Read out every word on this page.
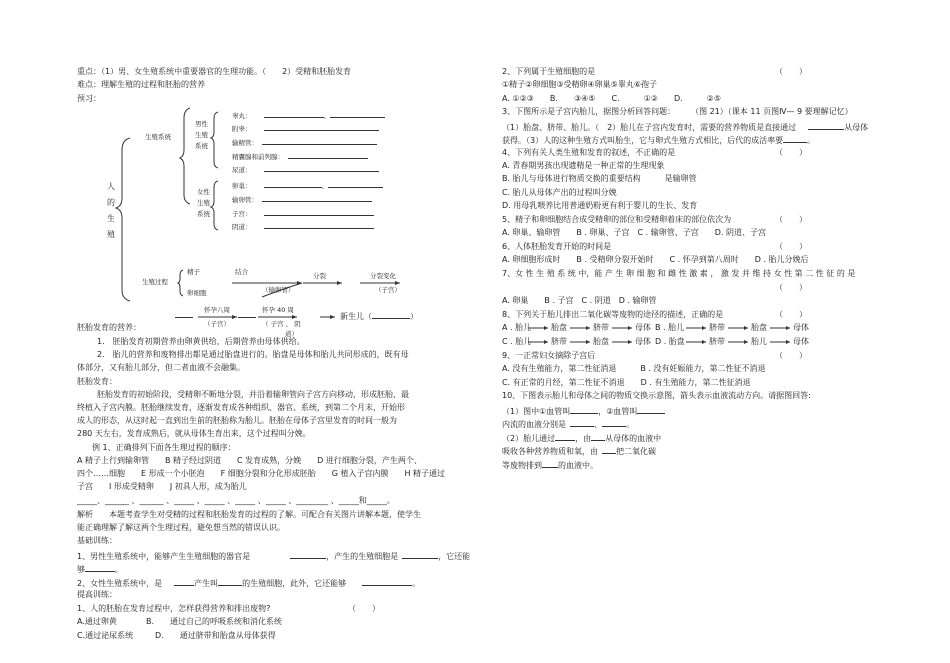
重点：（1）男、女生殖系统中重要器官的生理功能。（　　2）受精和胚胎发育
难点：理解生殖的过程和胚胎的营养
预习：
人
的
生
殖
生殖系统
男性
生殖
系统
睾丸：	、
附睾：
输精管：
精囊腺和前列腺：
尿道：
女性
生殖
系统
卵巢：	、
输卵管：
子宫：
阴道：
生殖过程
精子
卵细胞
结合
（输卵管）
分裂	分裂变化
（子宫）
怀孕八周
（子宫）
怀孕 40 周
（ 子宫 、 阴
道）
新生儿（	）
胚胎发育的营养：
1.　胚胎发育初期营养由卵黄供给，后期营养由母体供给。
2.　胎儿的营养和废物排出都是通过胎盘进行的。胎盘是母体和胎儿共同形成的，既有母
体部分，又有胎儿部分，但二者血液不会融集。
胚胎发育：
胚胎发育的初始阶段，受精卵不断地分裂，并沿着输卵管向子宫方向移动，形成胚胎，最
终植入子宫内膜。胚胎继续发育，逐渐发育成各种组织、器官、系统，到第二个月末，开始形
成人的形态，从这时起一直到出生前的胚胎称为胎儿。胚胎在母体子宫里发育的时间一般为
280 天左右，发育成熟后，就从母体生育出来，这个过程叫分娩。
例 1、正确排列下面各生理过程的顺序：
A 精子上行到输卵管　　B 精子经过阴道　　C 发育成熟，分娩　　D 进行细胞分裂，产生两个、
四个……细胞　　E 形成一个小胚泡　　F 细胞分裂和分化形成胚胎　　G 植入子宫内膜　　H 精子通过
子宫　　I 形成受精卵　　J 初具人形，成为胎儿
_____、______ 、______ 、_____ 、_____ 、_____ 、_____ 、________ 、_____和_____。
解析　　本题考查学生对受精的过程和胚胎发育的过程的了解。可配合有关图片讲解本题，使学生
能正确理解了解这两个生理过程，避免想当然的错误认识。
基础训练：
1、男性生殖系统中，能够产生生殖细胞的器官是	，产生的生殖细胞是	，它还能
够	。
2、女性生殖系统中，是	产生叫	的生殖细胞，此外，它还能够	。
提高训练：
1、人的胚胎在发育过程中，怎样获得营养和排出废物?	（　　）
A.通过卵黄	B.　　通过自己的呼吸系统和消化系统
C.通过泌尿系统	D.　　通过脐带和胎盘从母体获得
2、下列属于生殖细胞的是	（　　）
①精子②卵细胞③受精卵④卵巢⑤睾丸⑥孢子
A. ①②③　　B.　　③④⑤　　C.　　　①②　　D.　　　②⑤
3、下图所示是子宫内胎儿，据图分析回答问题：　　　（图 21）（课本 11 页图Ⅳ— 9 要理解记忆）
（1）胎盘、脐带、胎儿。（　2）胎儿在子宫内发育时，需要的营养物质是直接通过	从母体
获得。（3）人的这种生殖方式叫胎生，它与卵式生殖方式相比，后代的成活率要	。
4、下列有关人类生殖和发育的叙述，不正确的是	（　　）
A. 青春期男孩出现遗精是一种正常的生理现象
B. 胎儿与母体进行物质交换的重要结构　　　是输卵管
C. 胎儿从母体产出的过程叫分娩
D. 用母乳喂养比用普通奶粉更有利于婴儿的生长、发育
5、精子和卵细胞结合成受精卵的部位和受精卵着床的部位依次为	（　　）
A. 卵巢、输卵管　　B . 卵巢、子宫　C . 输卵管、子宫　　D. 阴道、子宫
6、人体胚胎发育开始的时间是	（　　）
A. 卵细胞形成时　　B . 受精卵分裂开始时　　C . 怀孕到第八周时　　D . 胎儿分娩后
7、女 性 生 殖 系 统 中，能 产 生 卵 细 胞 和 雌 性 激 素 ， 激 发 并 维 持 女 性 第 二 性 征 的 是
（　　）
A. 卵巢　　B . 子宫　C . 阴道　D . 输卵管
8、下列关于胎儿排出二氧化碳等废物的途径的描述，正确的是	（　　）
A . 胎儿 胎盘	脐带	母体 B . 胎儿	脐带	胎盘	母体
C . 胎儿 脐带	胎盘	母体 D . 胎盘	脐带	胎儿	母体
9、一正常妇女摘除子宫后	（　　）
A. 没有生殖能力，第二性征消退　　　B . 没有妊娠能力，第二性征不消退
C. 有正常的月经，第二性征不消退　　D . 有生殖能力，第二性征消退
10、下图表示胎儿和母体之间的物质交换示意图，箭头表示血液流动方向。请据图回答:
（1）图中①血管叫	，②血管叫
内流的血液分别是	、	。
（2）胎儿通过	，由 从母体的血液中
吸收各种营养物质和氧，由 把二氧化碳
等废物排到 的血液中。
